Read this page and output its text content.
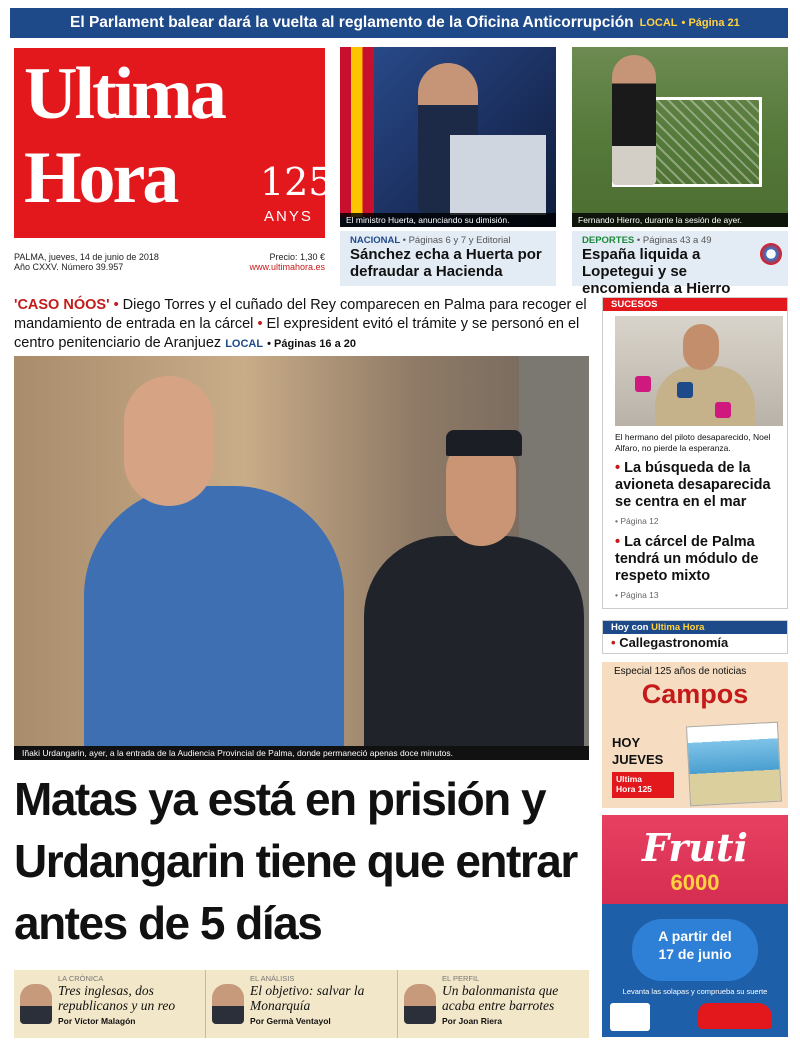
El Parlament balear dará la vuelta al reglamento de la Oficina Anticorrupción LOCAL • Página 21
Ultima
Hora 125
ANYS
PALMA, jueves, 14 de junio de 2018
Año CXXV. Número 39.957
Precio: 1,30 €
www.ultimahora.es
El ministro Huerta, anunciando su dimisión.	Fernando Hierro, durante la sesión de ayer.
NACIONAL • Páginas 6 y 7 y Editorial
Sánchez echa a Huerta por defraudar a Hacienda
DEPORTES • Páginas 43 a 49
España liquida a Lopetegui y se encomienda a Hierro
'CASO NÓOS' • Diego Torres y el cuñado del Rey comparecen en Palma para recoger el mandamiento de entrada en la cárcel • El expresident evitó el trámite y se personó en el centro penitenciario de Aranjuez LOCAL • Páginas 16 a 20
Iñaki Urdangarin, ayer, a la entrada de la Audiencia Provincial de Palma, donde permaneció apenas doce minutos.
Matas ya está en prisión y Urdangarin tiene que entrar antes de 5 días
LA CRÓNICA
Tres inglesas, dos republicanos y un reo
Por Víctor Malagón
EL ANÁLISIS
El objetivo: salvar la Monarquía
Por Germà Ventayol
EL PERFIL
Un balonmanista que acaba entre barrotes
Por Joan Riera
SUCESOS
El hermano del piloto desaparecido, Noel Alfaro, no pierde la esperanza.
• La búsqueda de la avioneta desaparecida se centra en el mar
• Página 12
• La cárcel de Palma tendrá un módulo de respeto mixto
• Página 13
Hoy con Ultima Hora
• Callegastronomía
Especial 125 años de noticias
Campos
HOY
JUEVES
Ultima
Hora 125
Fruti
6000
A partir del
17 de junio
Levanta las solapas y comprueba su suerte
